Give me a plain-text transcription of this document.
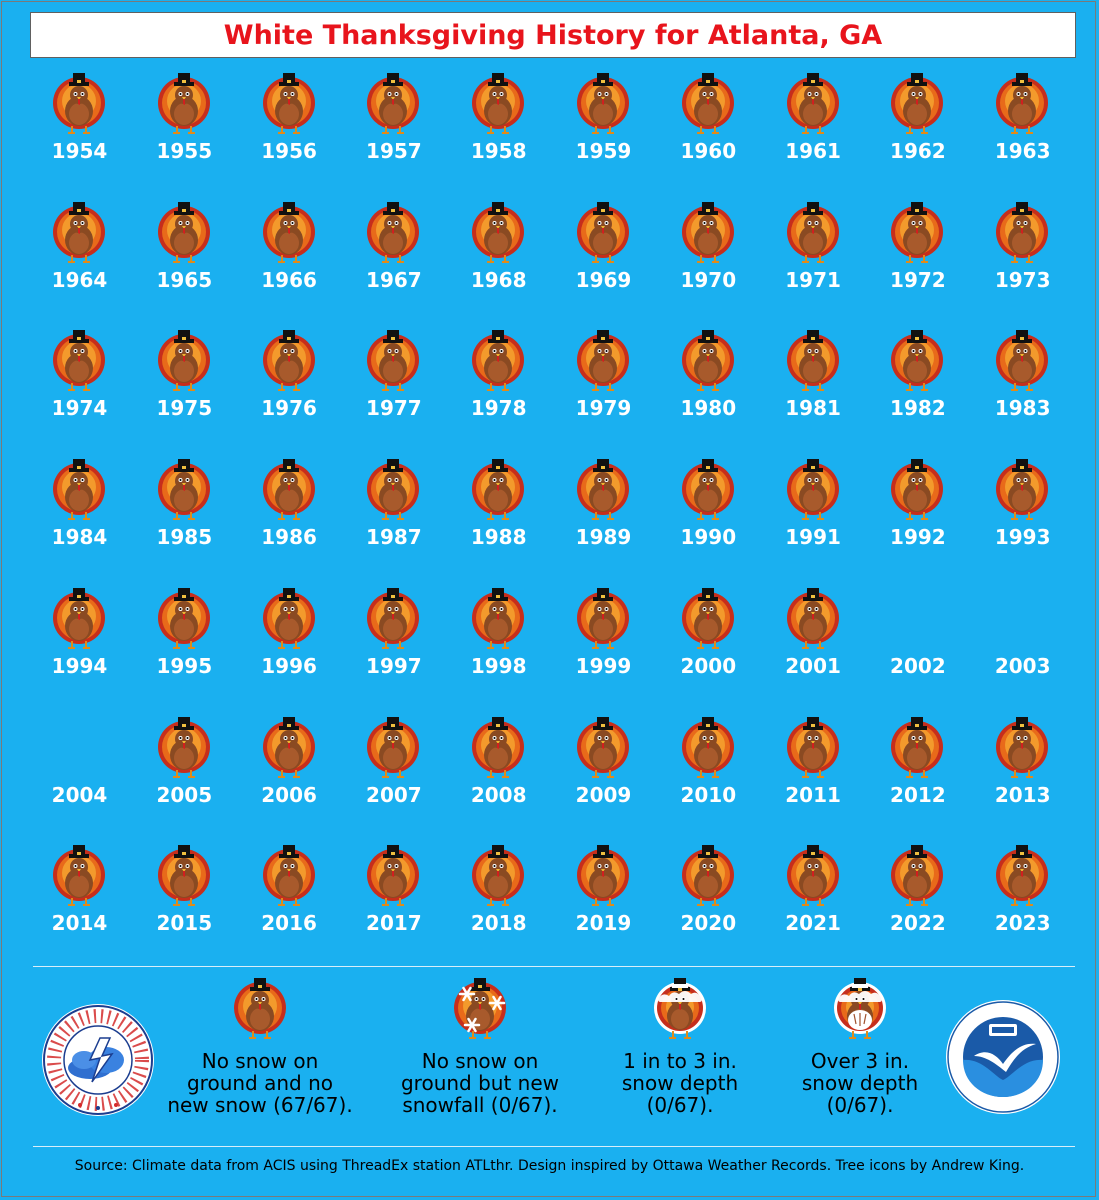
White Thanksgiving History for Atlanta, GA
1954	1955	1956	1957	1958	1959	1960	1961	1962	1963
1964	1965	1966	1967	1968	1969	1970	1971	1972	1973
1974	1975	1976	1977	1978	1979	1980	1981	1982	1983
1984	1985	1986	1987	1988	1989	1990	1991	1992	1993
1994	1995	1996	1997	1998	1999	2000	2001	2002	2003
2004	2005	2006	2007	2008	2009	2010	2011	2012	2013
2014	2015	2016	2017	2018	2019	2020	2021	2022	2023
No snow on
ground and no
new snow (67/67).
No snow on
ground but new
snowfall (0/67).
1 in to 3 in.
snow depth
(0/67).
Over 3 in.
snow depth
(0/67).
Source: Climate data from ACIS using ThreadEx station ATLthr. Design inspired by Ottawa Weather Records. Tree icons by Andrew King.
